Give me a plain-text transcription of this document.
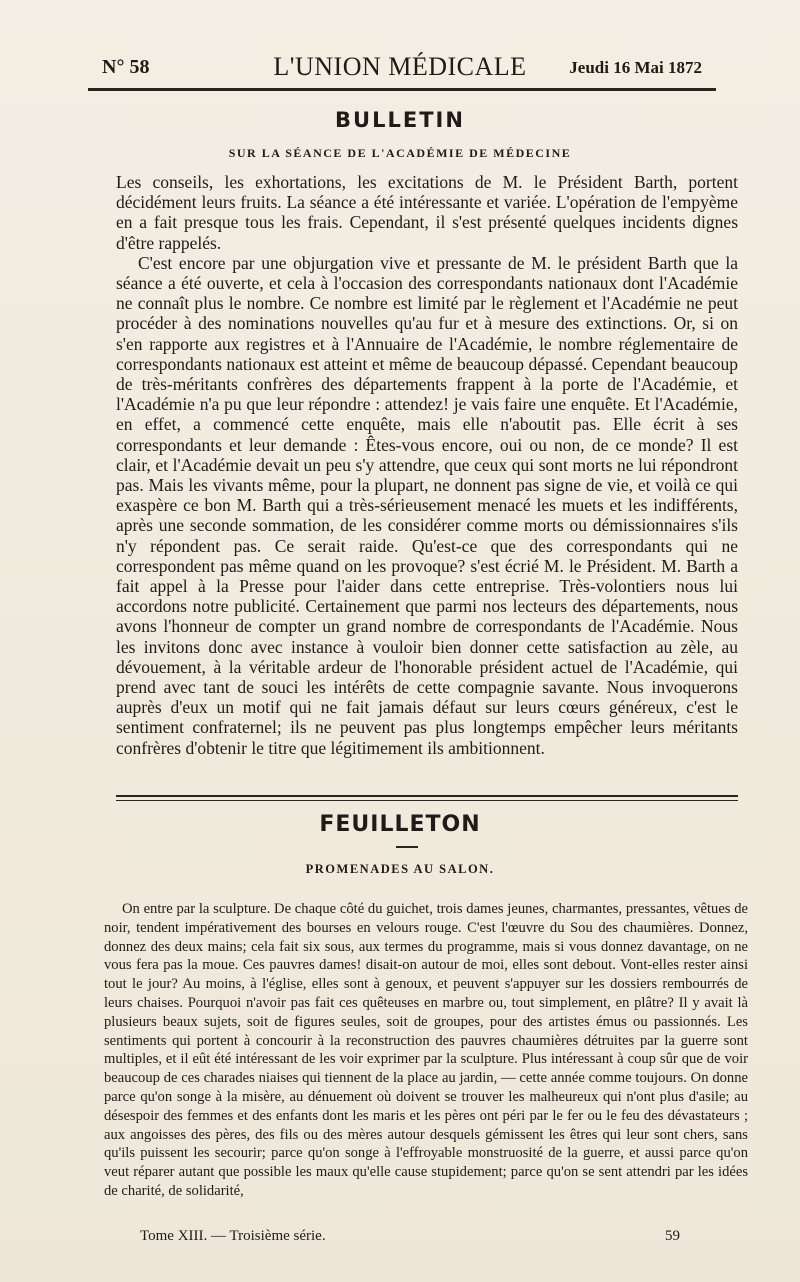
N° 58	L'UNION MÉDICALE	Jeudi 16 Mai 1872
BULLETIN
SUR LA SÉANCE DE L'ACADÉMIE DE MÉDECINE

Les conseils, les exhortations, les excitations de M. le Président Barth, portent décidément leurs fruits. La séance a été intéressante et variée. L'opération de l'empyème en a fait presque tous les frais. Cependant, il s'est présenté quelques incidents dignes d'être rappelés.

C'est encore par une objurgation vive et pressante de M. le président Barth que la séance a été ouverte, et cela à l'occasion des correspondants nationaux dont l'Académie ne connaît plus le nombre. Ce nombre est limité par le règlement et l'Académie ne peut procéder à des nominations nouvelles qu'au fur et à mesure des extinctions. Or, si on s'en rapporte aux registres et à l'Annuaire de l'Académie, le nombre réglementaire de correspondants nationaux est atteint et même de beaucoup dépassé. Cependant beaucoup de très-méritants confrères des départements frappent à la porte de l'Académie, et l'Académie n'a pu que leur répondre : attendez! je vais faire une enquête. Et l'Académie, en effet, a commencé cette enquête, mais elle n'aboutit pas. Elle écrit à ses correspondants et leur demande : Êtes-vous encore, oui ou non, de ce monde? Il est clair, et l'Académie devait un peu s'y attendre, que ceux qui sont morts ne lui répondront pas. Mais les vivants même, pour la plupart, ne donnent pas signe de vie, et voilà ce qui exaspère ce bon M. Barth qui a très-sérieusement menacé les muets et les indifférents, après une seconde sommation, de les considérer comme morts ou démissionnaires s'ils n'y répondent pas. Ce serait raide. Qu'est-ce que des correspondants qui ne correspondent pas même quand on les provoque? s'est écrié M. le Président. M. Barth a fait appel à la Presse pour l'aider dans cette entreprise. Très-volontiers nous lui accordons notre publicité. Certainement que parmi nos lecteurs des départements, nous avons l'honneur de compter un grand nombre de correspondants de l'Académie. Nous les invitons donc avec instance à vouloir bien donner cette satisfaction au zèle, au dévouement, à la véritable ardeur de l'honorable président actuel de l'Académie, qui prend avec tant de souci les intérêts de cette compagnie savante. Nous invoquerons auprès d'eux un motif qui ne fait jamais défaut sur leurs cœurs généreux, c'est le sentiment confraternel; ils ne peuvent pas plus longtemps empêcher leurs méritants confrères d'obtenir le titre que légitimement ils ambitionnent.

FEUILLETON
PROMENADES AU SALON.

On entre par la sculpture. De chaque côté du guichet, trois dames jeunes, charmantes, pressantes, vêtues de noir, tendent impérativement des bourses en velours rouge. C'est l'œuvre du Sou des chaumières. Donnez, donnez des deux mains; cela fait six sous, aux termes du programme, mais si vous donnez davantage, on ne vous fera pas la moue. Ces pauvres dames! disait-on autour de moi, elles sont debout. Vont-elles rester ainsi tout le jour? Au moins, à l'église, elles sont à genoux, et peuvent s'appuyer sur les dossiers rembourrés de leurs chaises. Pourquoi n'avoir pas fait ces quêteuses en marbre ou, tout simplement, en plâtre? Il y avait là plusieurs beaux sujets, soit de figures seules, soit de groupes, pour des artistes émus ou passionnés. Les sentiments qui portent à concourir à la reconstruction des pauvres chaumières détruites par la guerre sont multiples, et il eût été intéressant de les voir exprimer par la sculpture. Plus intéressant à coup sûr que de voir beaucoup de ces charades niaises qui tiennent de la place au jardin, — cette année comme toujours. On donne parce qu'on songe à la misère, au dénuement où doivent se trouver les malheureux qui n'ont plus d'asile; au désespoir des femmes et des enfants dont les maris et les pères ont péri par le fer ou le feu des dévastateurs ; aux angoisses des pères, des fils ou des mères autour desquels gémissent les êtres qui leur sont chers, sans qu'ils puissent les secourir; parce qu'on songe à l'effroyable monstruosité de la guerre, et aussi parce qu'on veut réparer autant que possible les maux qu'elle cause stupidement; parce qu'on se sent attendri par les idées de charité, de solidarité,

Tome XIII. — Troisième série.	59
